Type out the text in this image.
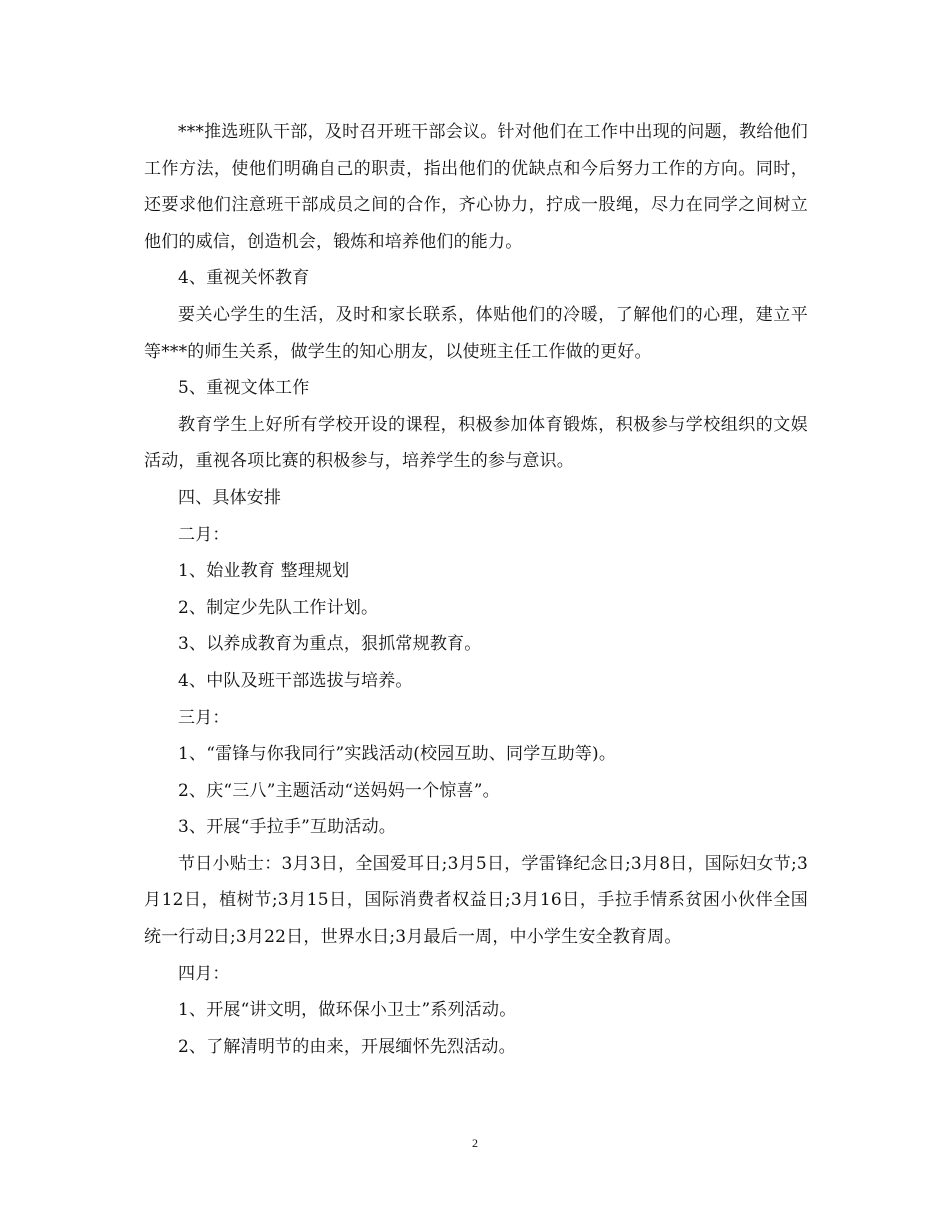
***推选班队干部，及时召开班干部会议。针对他们在工作中出现的问题，教给他们工作方法，使他们明确自己的职责，指出他们的优缺点和今后努力工作的方向。同时，还要求他们注意班干部成员之间的合作，齐心协力，拧成一股绳，尽力在同学之间树立他们的威信，创造机会，锻炼和培养他们的能力。

4、重视关怀教育

要关心学生的生活，及时和家长联系，体贴他们的冷暖，了解他们的心理，建立平等***的师生关系，做学生的知心朋友，以使班主任工作做的更好。

5、重视文体工作

教育学生上好所有学校开设的课程，积极参加体育锻炼，积极参与学校组织的文娱活动，重视各项比赛的积极参与，培养学生的参与意识。

四、具体安排

二月：

1、始业教育 整理规划

2、制定少先队工作计划。

3、以养成教育为重点，狠抓常规教育。

4、中队及班干部选拔与培养。

三月：

1、“雷锋与你我同行”实践活动(校园互助、同学互助等)。

2、庆“三八”主题活动“送妈妈一个惊喜”。

3、开展“手拉手”互助活动。

节日小贴士：3月3日，全国爱耳日;3月5日，学雷锋纪念日;3月8日，国际妇女节;3月12日，植树节;3月15日，国际消费者权益日;3月16日，手拉手情系贫困小伙伴全国统一行动日;3月22日，世界水日;3月最后一周，中小学生安全教育周。

四月：

1、开展“讲文明，做环保小卫士”系列活动。

2、了解清明节的由来，开展缅怀先烈活动。

2
